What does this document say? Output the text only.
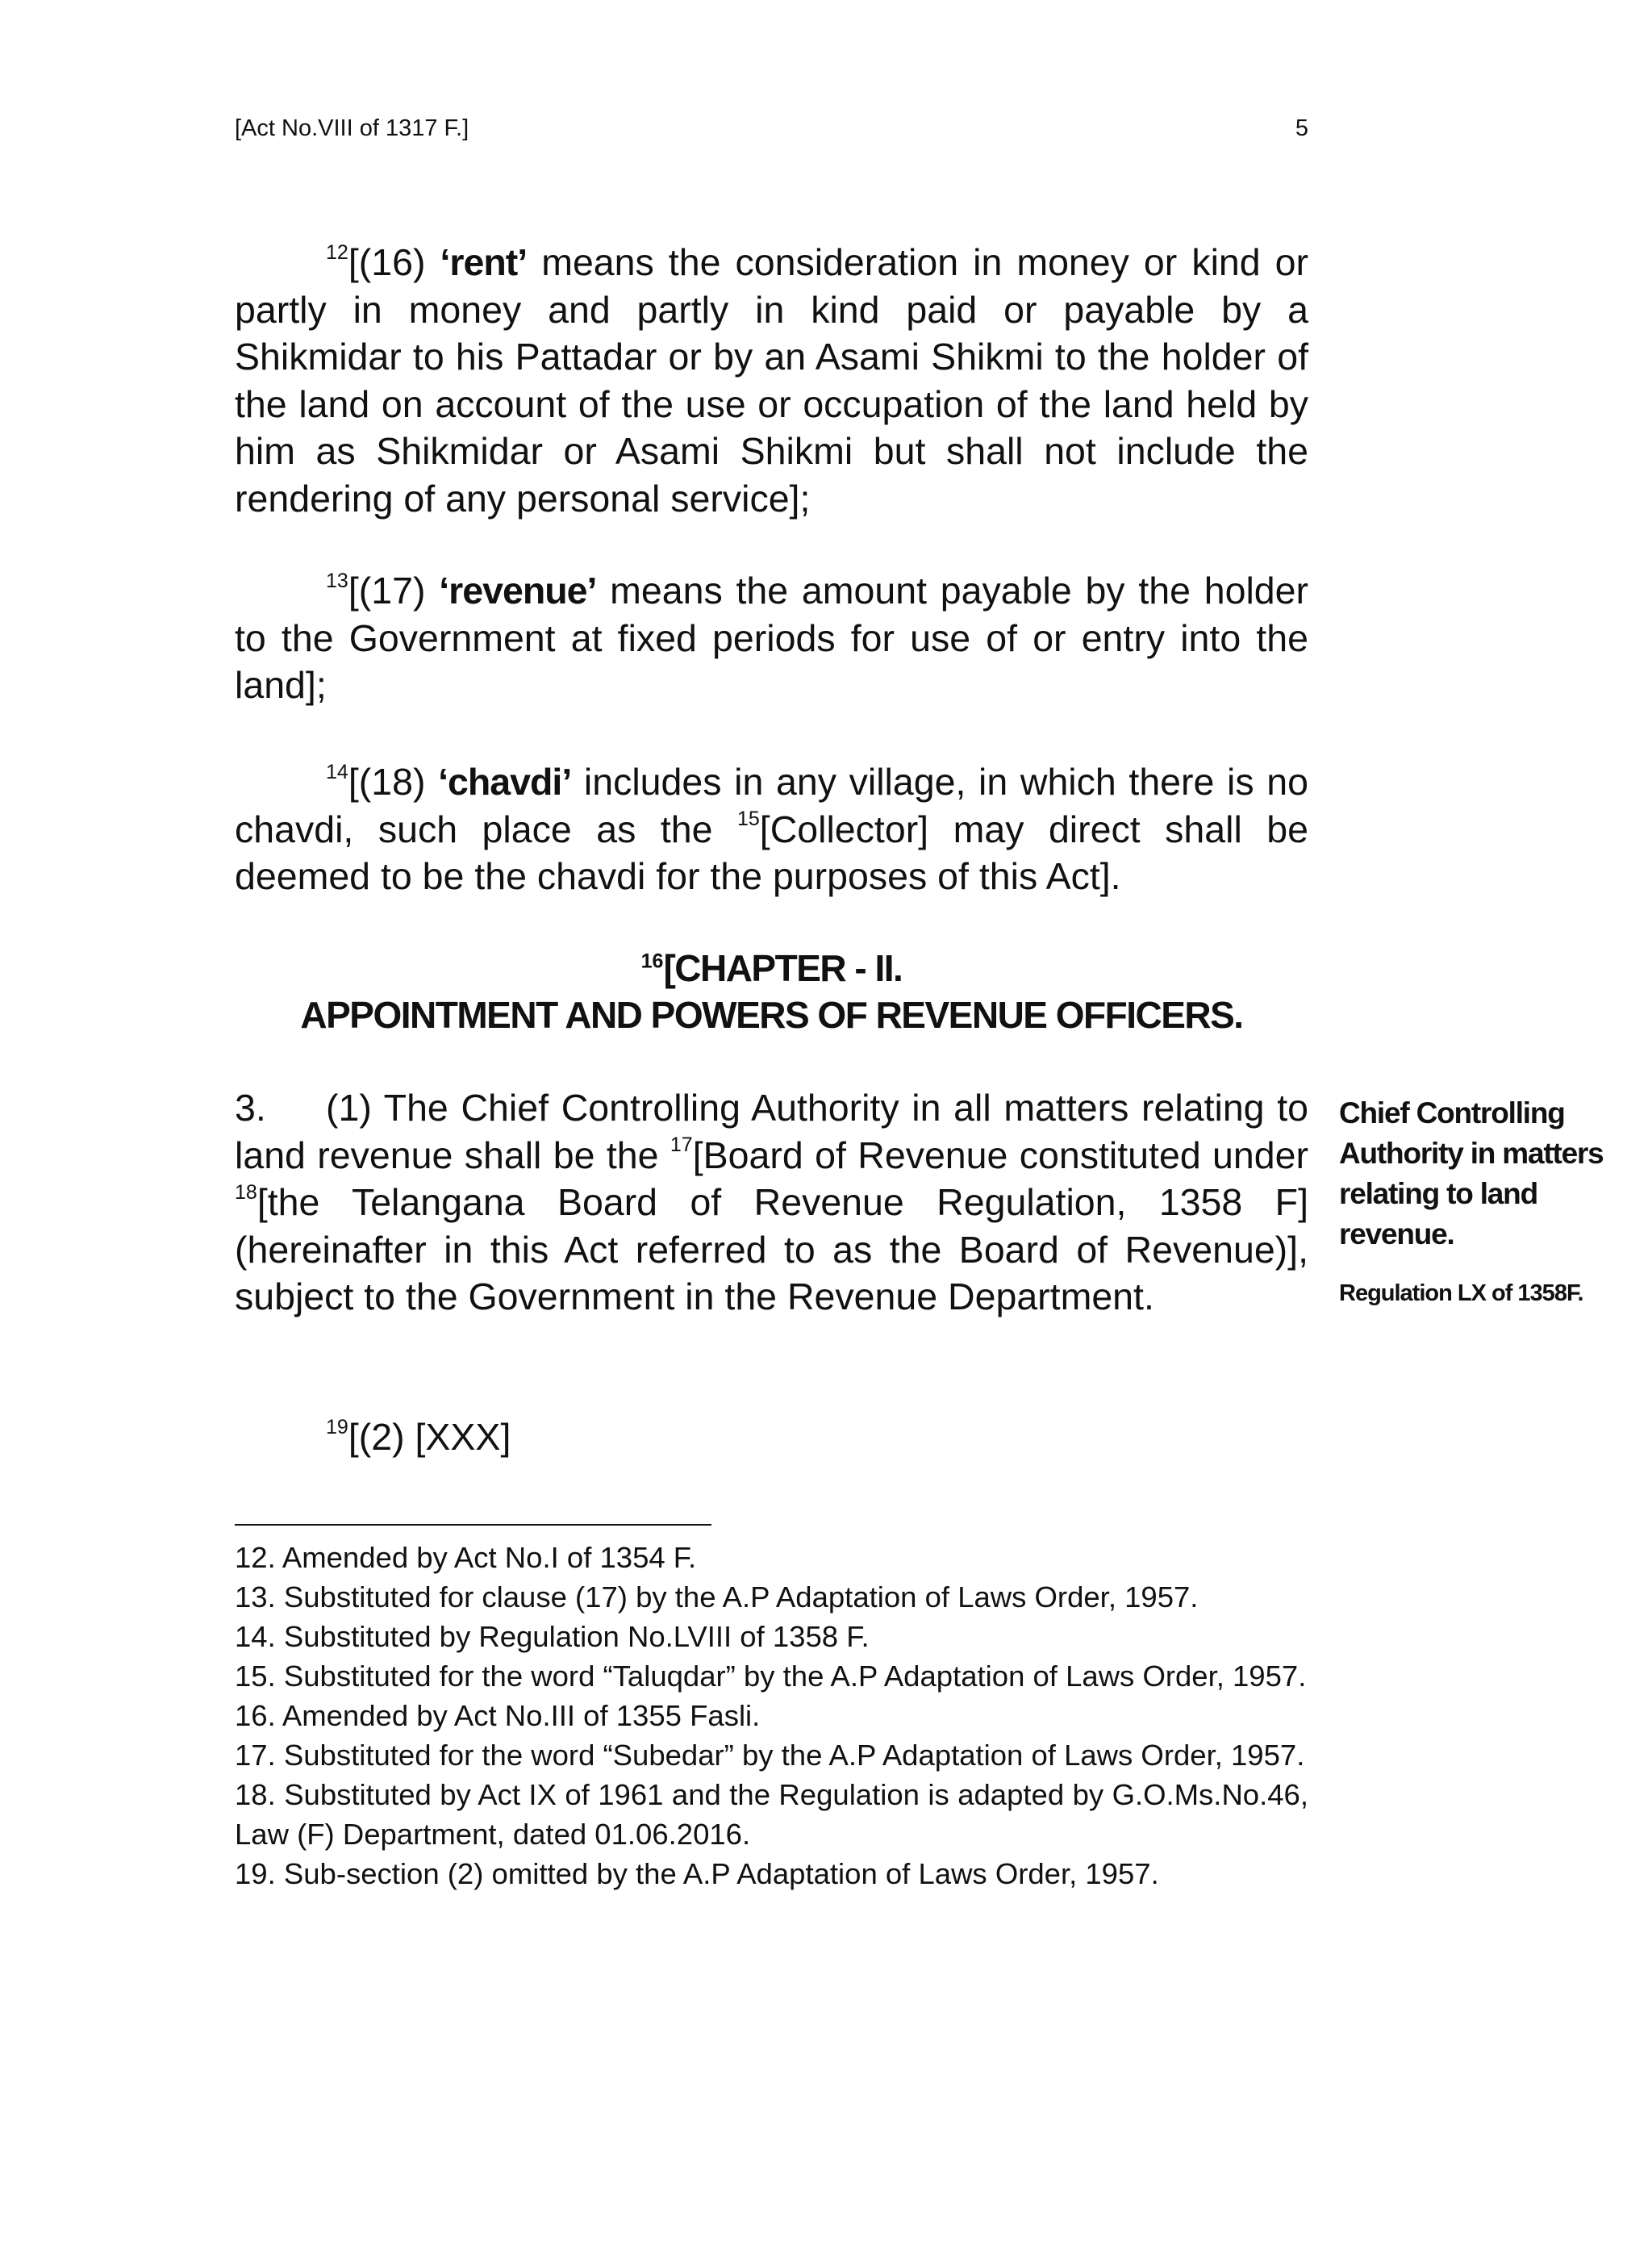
[Act No.VIII of 1317 F.]	5
$^{12}$[(16) ‘rent’ means the consideration in money or kind or partly in money and partly in kind paid or payable by a Shikmidar to his Pattadar or by an Asami Shikmi to the holder of the land on account of the use or occupation of the land held by him as Shikmidar or Asami Shikmi but shall not include the rendering of any personal service];
$^{13}$[(17) ‘revenue’ means the amount payable by the holder to the Government at fixed periods for use of or entry into the land];
$^{14}$[(18) ‘chavdi’ includes in any village, in which there is no chavdi, such place as the $^{15}$[Collector] may direct shall be deemed to be the chavdi for the purposes of this Act].
$^{16}$[CHAPTER - II.
APPOINTMENT AND POWERS OF REVENUE OFFICERS.
3. (1) The Chief Controlling Authority in all matters relating to land revenue shall be the $^{17}$[Board of Revenue constituted under $^{18}$[the Telangana Board of Revenue Regulation, 1358 F] (hereinafter in this Act referred to as the Board of Revenue)], subject to the Government in the Revenue Department.
Chief Controlling Authority in matters relating to land revenue.
Regulation LX of 1358F.
$^{19}$[(2) [XXX]
12. Amended by Act No.I of 1354 F.
13. Substituted for clause (17) by the A.P Adaptation of Laws Order, 1957.
14. Substituted by Regulation No.LVIII of 1358 F.
15. Substituted for the word “Taluqdar” by the A.P Adaptation of Laws Order, 1957.
16. Amended by Act No.III of 1355 Fasli.
17. Substituted for the word “Subedar” by the A.P Adaptation of Laws Order, 1957.
18. Substituted by Act IX of 1961 and the Regulation is adapted by G.O.Ms.No.46, Law (F) Department, dated 01.06.2016.
19. Sub-section (2) omitted by the A.P Adaptation of Laws Order, 1957.
